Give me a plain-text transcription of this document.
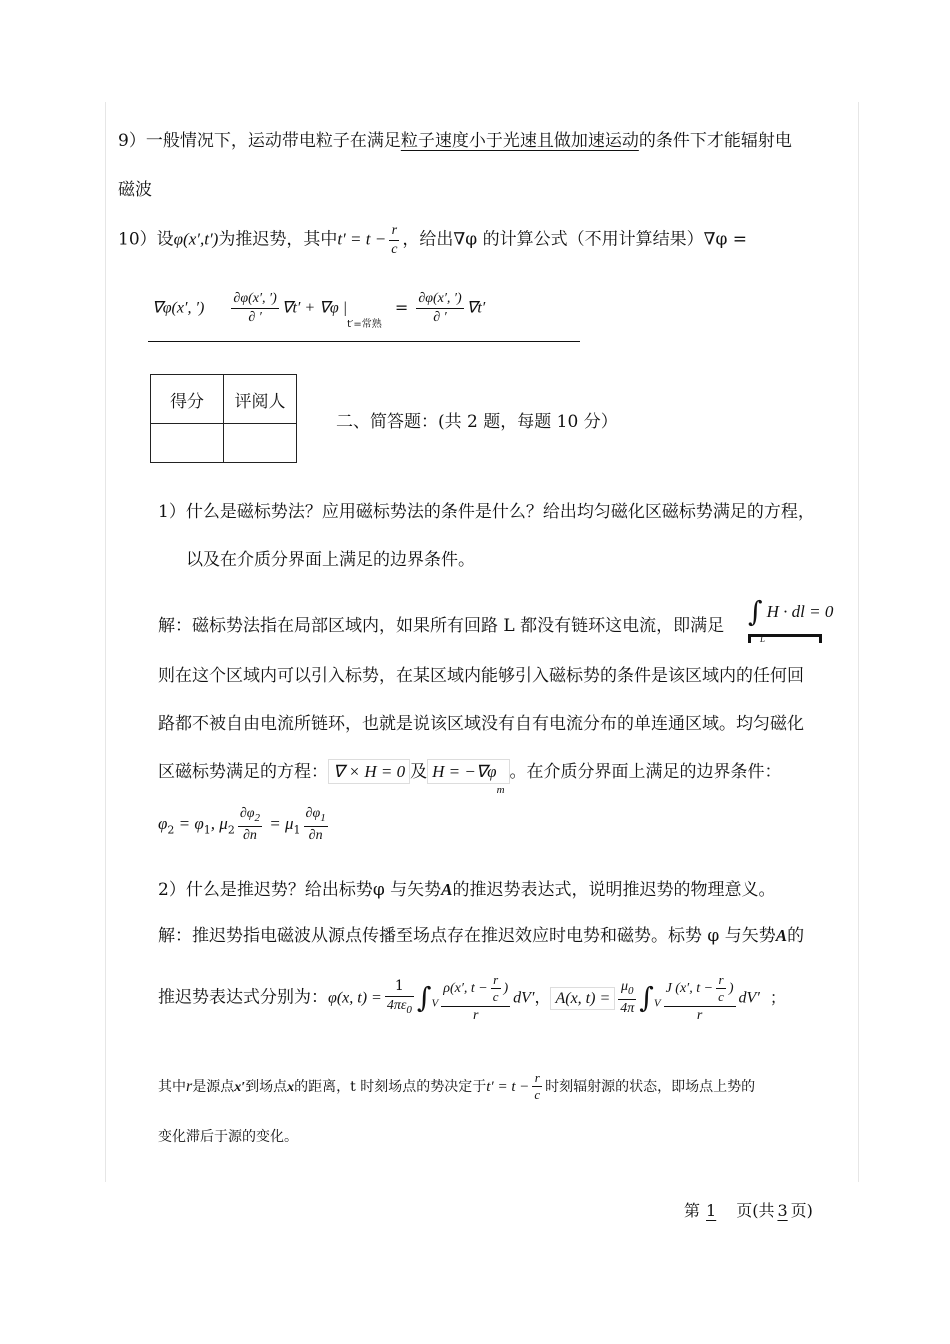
9）一般情况下，运动带电粒子在满足粒子速度小于光速且做加速运动的条件下才能辐射电
磁波
10）设φ(x′,t′)为推迟势，其中$t' = t - \frac{r}{c}$ ，给出∇φ 的计算公式（不用计算结果）∇φ =
∇φ(x′, ′) $\frac{\partial\varphi(x', ')}{\partial '} \nabla t' + \nabla\varphi$ $|_{t'=常熟} = \frac{\partial\varphi(x', ')}{\partial '} \nabla t'$
得分	评阅人

二、简答题：(共 2 题，每题 10 分）
1）什么是磁标势法？应用磁标势法的条件是什么？给出均匀磁化区磁标势满足的方程，
以及在介质分界面上满足的边界条件。
解：磁标势法指在局部区域内，如果所有回路 L 都没有链环这电流，即满足 ∫ H · dl = 0
L
则在这个区域内可以引入标势，在某区域内能够引入磁标势的条件是该区域内的任何回
路都不被自由电流所链环，也就是说该区域没有自有电流分布的单连通区域。均匀磁化
区磁标势满足的方程： ∇ × H = 0 及 $H = -\nabla\varphi_m$。在介质分界面上满足的边界条件：
$\varphi_2 = \varphi_1$, $\mu_2 \frac{\partial\varphi_2}{\partial n} = \mu_1 \frac{\partial\varphi_1}{\partial n}$
2）什么是推迟势？给出标势φ 与矢势A的推迟势表达式，说明推迟势的物理意义。
解：推迟势指电磁波从源点传播至场点存在推迟效应时电势和磁势。标势 φ 与矢势A的
推迟势表达式分别为：φ(x, $t) = \frac{1}{4\pi\varepsilon_0} \int_V \frac{\rho(x', t - \frac{r}{c} )}{r} dV'$， A(x, $t) = \frac{\mu_0}{4\pi} \int_V \frac{J (x', t - \frac{r}{c} )}{r} dV'$ ；
其中r是源点x′到场点x的距离，t 时刻场点的势决定于$t' = t - \frac{r}{c}$ 时刻辐射源的状态，即场点上势的
变化滞后于源的变化。
第 1 页(共 3 页)
